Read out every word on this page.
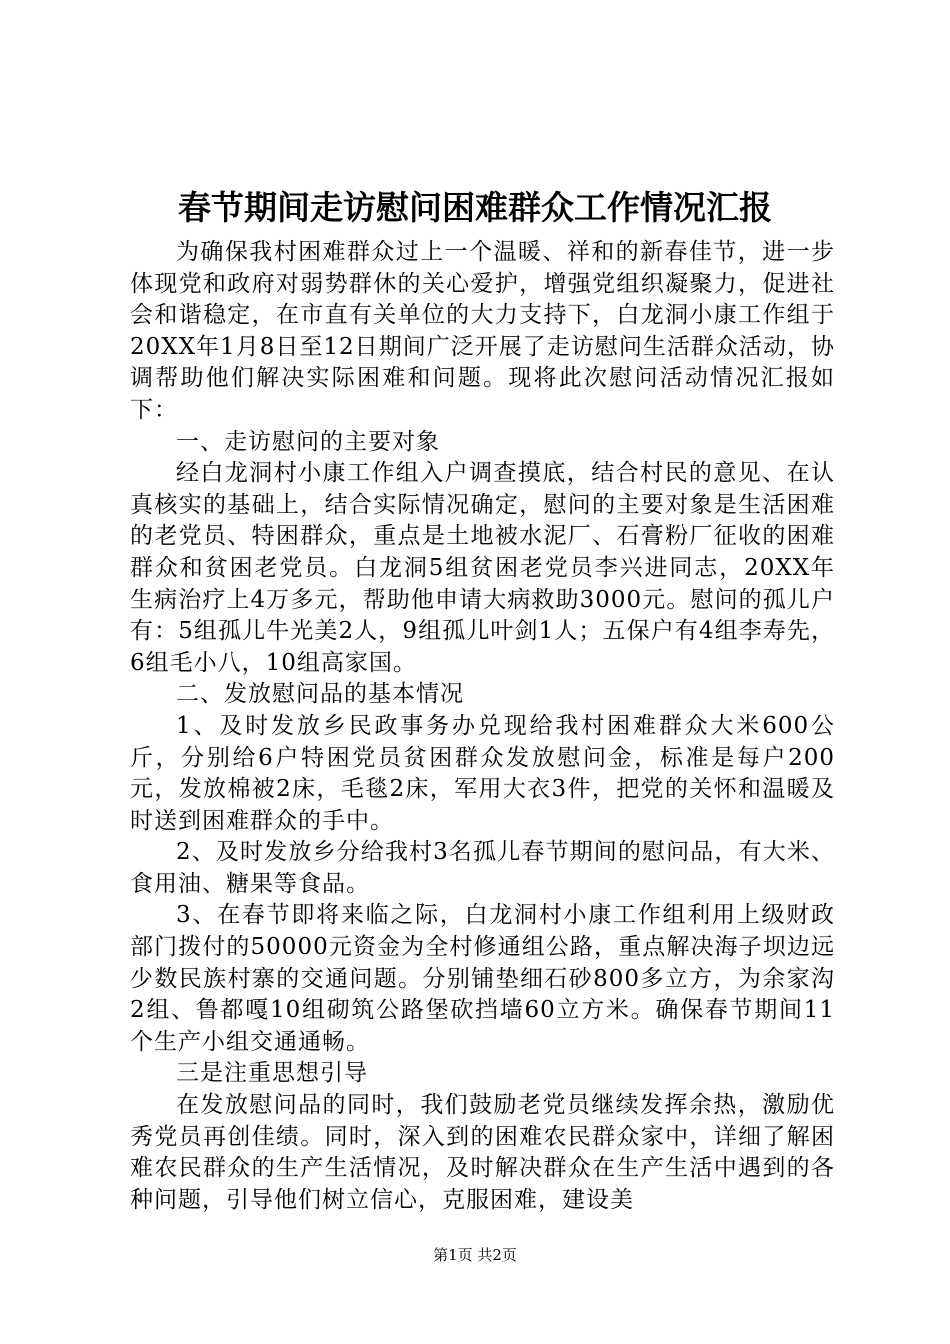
春节期间走访慰问困难群众工作情况汇报

为确保我村困难群众过上一个温暖、祥和的新春佳节，进一步体现党和政府对弱势群休的关心爱护，增强党组织凝聚力，促进社会和谐稳定，在市直有关单位的大力支持下，白龙洞小康工作组于20XX年1月8日至12日期间广泛开展了走访慰问生活群众活动，协调帮助他们解决实际困难和问题。现将此次慰问活动情况汇报如下：

一、走访慰问的主要对象

经白龙洞村小康工作组入户调查摸底，结合村民的意见、在认真核实的基础上，结合实际情况确定，慰问的主要对象是生活困难的老党员、特困群众，重点是土地被水泥厂、石膏粉厂征收的困难群众和贫困老党员。白龙洞5组贫困老党员李兴进同志，20XX年生病治疗上4万多元，帮助他申请大病救助3000元。慰问的孤儿户有：5组孤儿牛光美2人，9组孤儿叶剑1人；五保户有4组李寿先，6组毛小八，10组高家国。

二、发放慰问品的基本情况

1、及时发放乡民政事务办兑现给我村困难群众大米600公斤，分别给6户特困党员贫困群众发放慰问金，标准是每户200元，发放棉被2床，毛毯2床，军用大衣3件，把党的关怀和温暖及时送到困难群众的手中。

2、及时发放乡分给我村3名孤儿春节期间的慰问品，有大米、食用油、糖果等食品。

3、在春节即将来临之际，白龙洞村小康工作组利用上级财政部门拨付的50000元资金为全村修通组公路，重点解决海子坝边远少数民族村寨的交通问题。分别铺垫细石砂800多立方，为余家沟2组、鲁都嘎10组砌筑公路堡砍挡墙60立方米。确保春节期间11个生产小组交通通畅。

三是注重思想引导

在发放慰问品的同时，我们鼓励老党员继续发挥余热，激励优秀党员再创佳绩。同时，深入到的困难农民群众家中，详细了解困难农民群众的生产生活情况，及时解决群众在生产生活中遇到的各种问题，引导他们树立信心，克服困难，建设美

第1页 共2页
